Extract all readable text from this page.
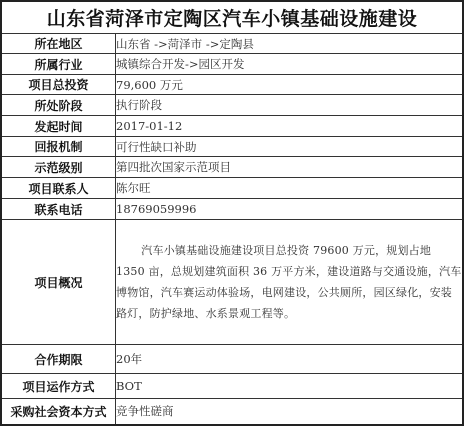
山东省菏泽市定陶区汽车小镇基础设施建设
所在地区	山东省 ->菏泽市 ->定陶县
所属行业	城镇综合开发->园区开发
项目总投资	79,600 万元
所处阶段	执行阶段
发起时间	2017-01-12
回报机制	可行性缺口补助
示范级别	第四批次国家示范项目
项目联系人	陈尔旺
联系电话	18769059996
项目概况	汽车小镇基础设施建设项目总投资 79600 万元，规划占地 1350 亩，总规划建筑面积 36 万平方米，建设道路与交通设施，汽车博物馆，汽车赛运动体验场，电网建设，公共厕所，园区绿化，安装路灯，防护绿地、水系景观工程等。
合作期限	20年
项目运作方式	BOT
采购社会资本方式	竞争性磋商
